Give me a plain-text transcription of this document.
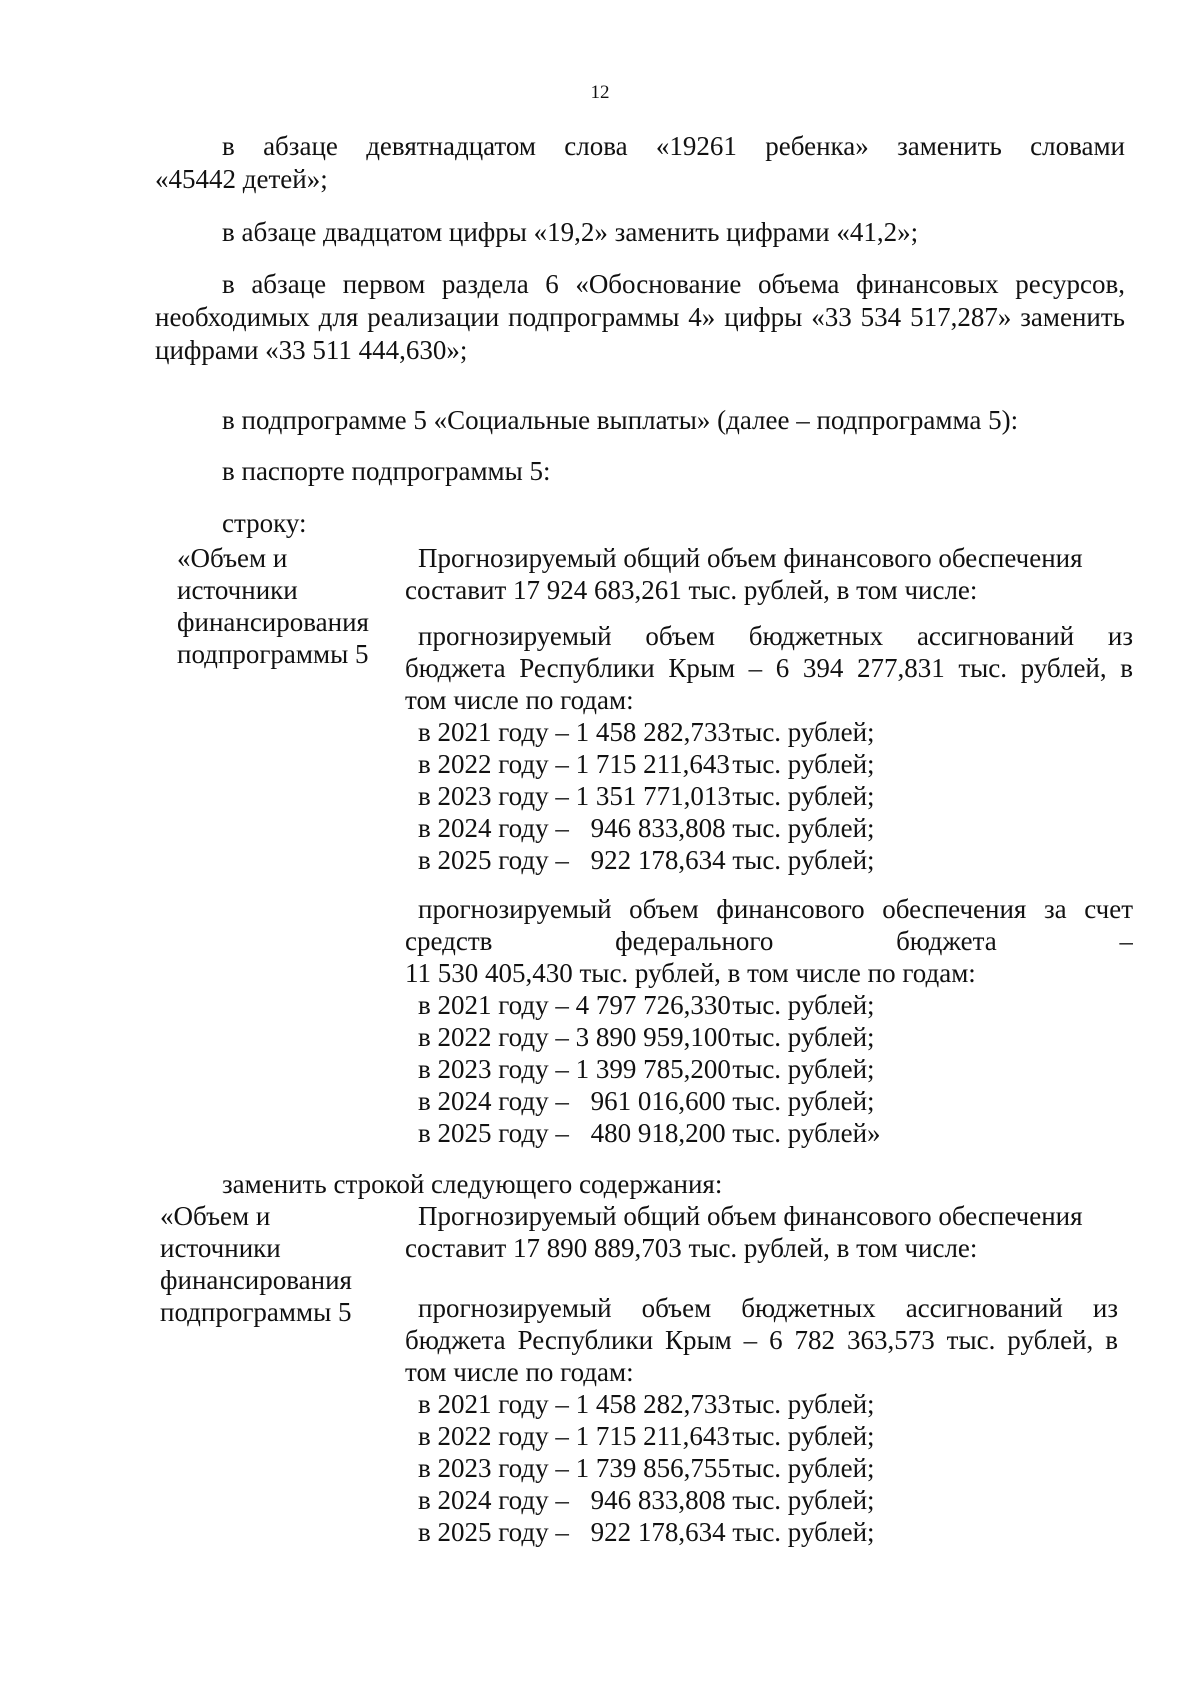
12
в абзаце девятнадцатом слова «19261 ребенка» заменить словами
«45442 детей»;
в абзаце двадцатом цифры «19,2» заменить цифрами «41,2»;
в абзаце первом раздела 6 «Обоснование объема финансовых ресурсов,
необходимых для реализации подпрограммы 4» цифры «33 534 517,287» заменить
цифрами «33 511 444,630»;
в подпрограмме 5 «Социальные выплаты» (далее – подпрограмма 5):
в паспорте подпрограммы 5:
строку:
«Объем и
источники
финансирования
подпрограммы 5
Прогнозируемый общий объем финансового обеспечения
составит 17 924 683,261 тыс. рублей, в том числе:
прогнозируемый объем бюджетных ассигнований из
бюджета Республики Крым – 6 394 277,831 тыс. рублей, в
том числе по годам:
в 2021 году – 1 458 282,733 тыс. рублей;
в 2022 году – 1 715 211,643 тыс. рублей;
в 2023 году – 1 351 771,013 тыс. рублей;
в 2024 году – 946 833,808 тыс. рублей;
в 2025 году – 922 178,634 тыс. рублей;
прогнозируемый объем финансового обеспечения за счет
средств федерального бюджета –
11 530 405,430 тыс. рублей, в том числе по годам:
в 2021 году – 4 797 726,330 тыс. рублей;
в 2022 году – 3 890 959,100 тыс. рублей;
в 2023 году – 1 399 785,200 тыс. рублей;
в 2024 году – 961 016,600 тыс. рублей;
в 2025 году – 480 918,200 тыс. рублей»
заменить строкой следующего содержания:
«Объем и
источники
финансирования
подпрограммы 5
Прогнозируемый общий объем финансового обеспечения
составит 17 890 889,703 тыс. рублей, в том числе:
прогнозируемый объем бюджетных ассигнований из
бюджета Республики Крым – 6 782 363,573 тыс. рублей, в
том числе по годам:
в 2021 году – 1 458 282,733 тыс. рублей;
в 2022 году – 1 715 211,643 тыс. рублей;
в 2023 году – 1 739 856,755 тыс. рублей;
в 2024 году – 946 833,808 тыс. рублей;
в 2025 году – 922 178,634 тыс. рублей;
